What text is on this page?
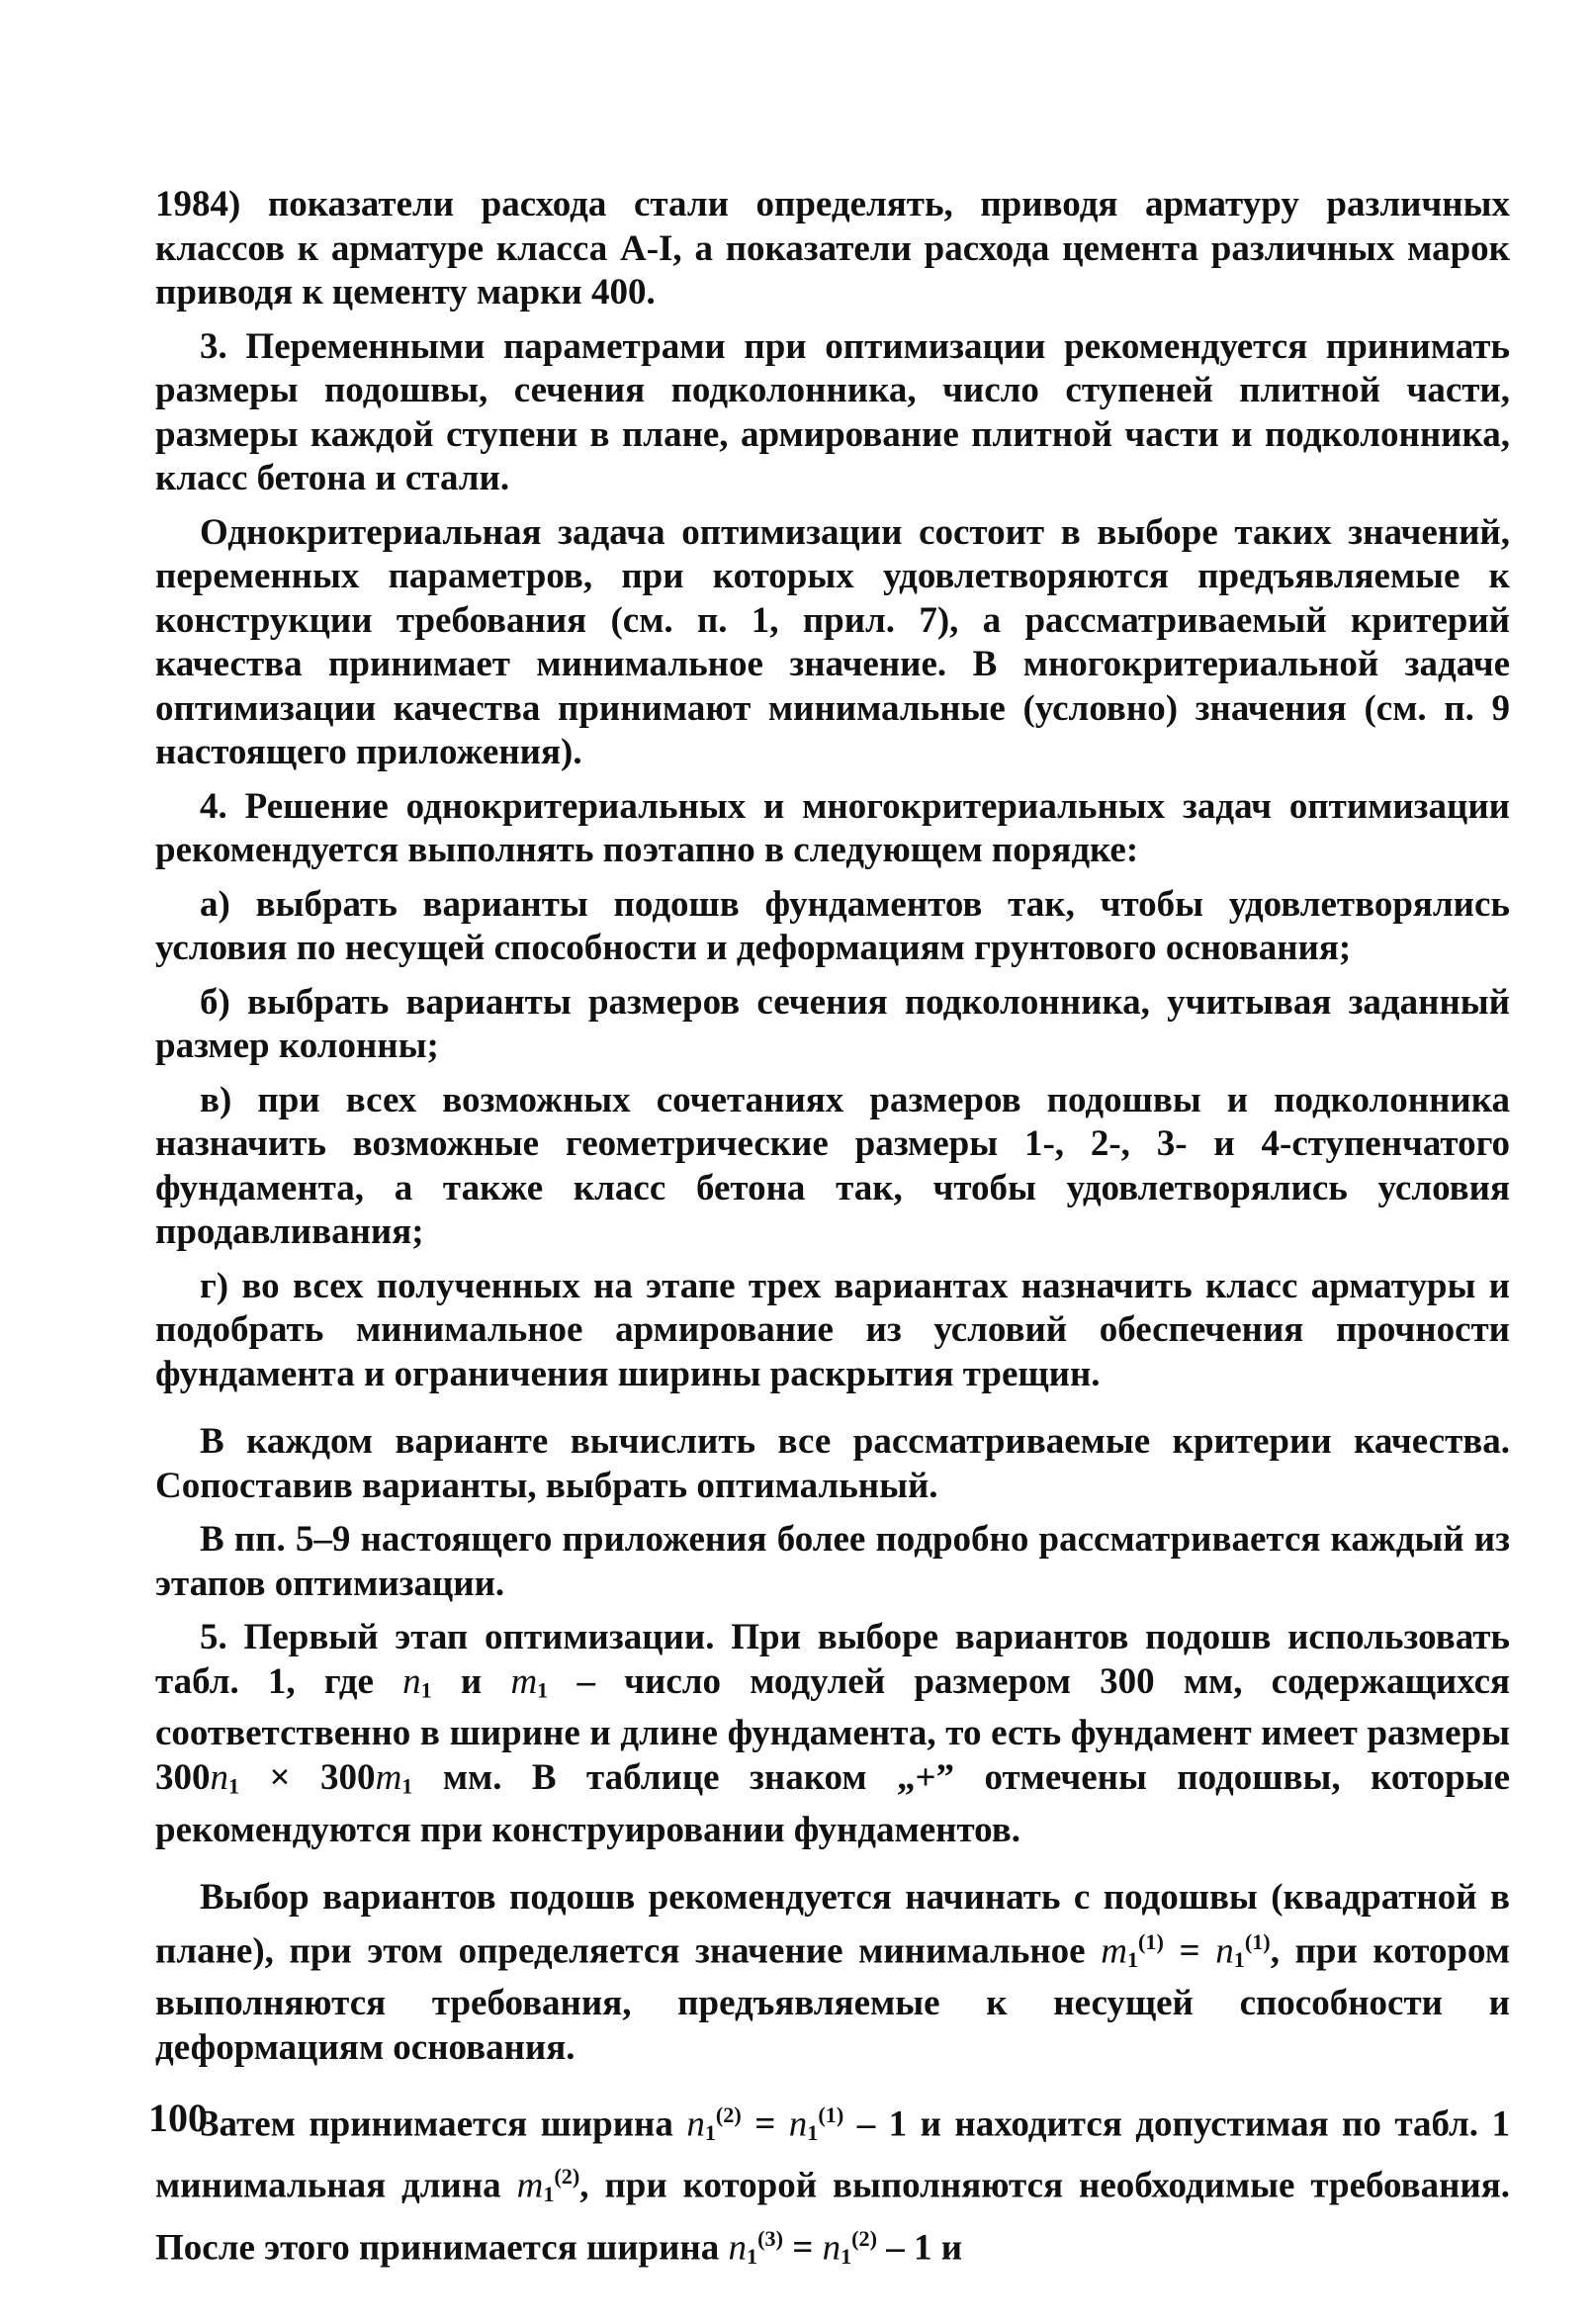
1984) показатели расхода стали определять, приводя арматуру различных классов к арматуре класса А-I, а показатели расхода цемента различных марок приводя к цементу марки 400.

3. Переменными параметрами при оптимизации рекомендуется принимать размеры подошвы, сечения подколонника, число ступеней плитной части, размеры каждой ступени в плане, армирование плитной части и подколонника, класс бетона и стали.

Однокритериальная задача оптимизации состоит в выборе таких значений, переменных параметров, при которых удовлетворяются предъявляемые к конструкции требования (см. п. 1, прил. 7), а рассматриваемый критерий качества принимает минимальное значение. В многокритериальной задаче оптимизации качества принимают минимальные (условно) значения (см. п. 9 настоящего приложения).

4. Решение однокритериальных и многокритериальных задач оптимизации рекомендуется выполнять поэтапно в следующем порядке:

а) выбрать варианты подошв фундаментов так, чтобы удовлетворялись условия по несущей способности и деформациям грунтового основания;

б) выбрать варианты размеров сечения подколонника, учитывая заданный размер колонны;

в) при всех возможных сочетаниях размеров подошвы и подколонника назначить возможные геометрические размеры 1-, 2-, 3- и 4-ступенчатого фундамента, а также класс бетона так, чтобы удовлетворялись условия продавливания;

г) во всех полученных на этапе трех вариантах назначить класс арматуры и подобрать минимальное армирование из условий обеспечения прочности фундамента и ограничения ширины раскрытия трещин.

В каждом варианте вычислить все рассматриваемые критерии качества. Сопоставив варианты, выбрать оптимальный.

В пп. 5–9 настоящего приложения более подробно рассматривается каждый из этапов оптимизации.

5. Первый этап оптимизации. При выборе вариантов подошв использовать табл. 1, где $n_1$ и $m_1$ – число модулей размером 300 мм, содержащихся соответственно в ширине и длине фундамента, то есть фундамент имеет размеры $300n_1 \times 300m_1$ мм. В таблице знаком „+” отмечены подошвы, которые рекомендуются при конструировании фундаментов.

Выбор вариантов подошв рекомендуется начинать с подошвы (квадратной в плане), при этом определяется значение минимальное $m_1^{(1)} = n_1^{(1)}$, при котором выполняются требования, предъявляемые к несущей способности и деформациям основания.

Затем принимается ширина $n_1^{(2)} = n_1^{(1)} - 1$ и находится допустимая по табл. 1 минимальная длина $m_1^{(2)}$, при которой выполняются необходимые требования. После этого принимается ширина $n_1^{(3)} = n_1^{(2)} - 1$ и

100
